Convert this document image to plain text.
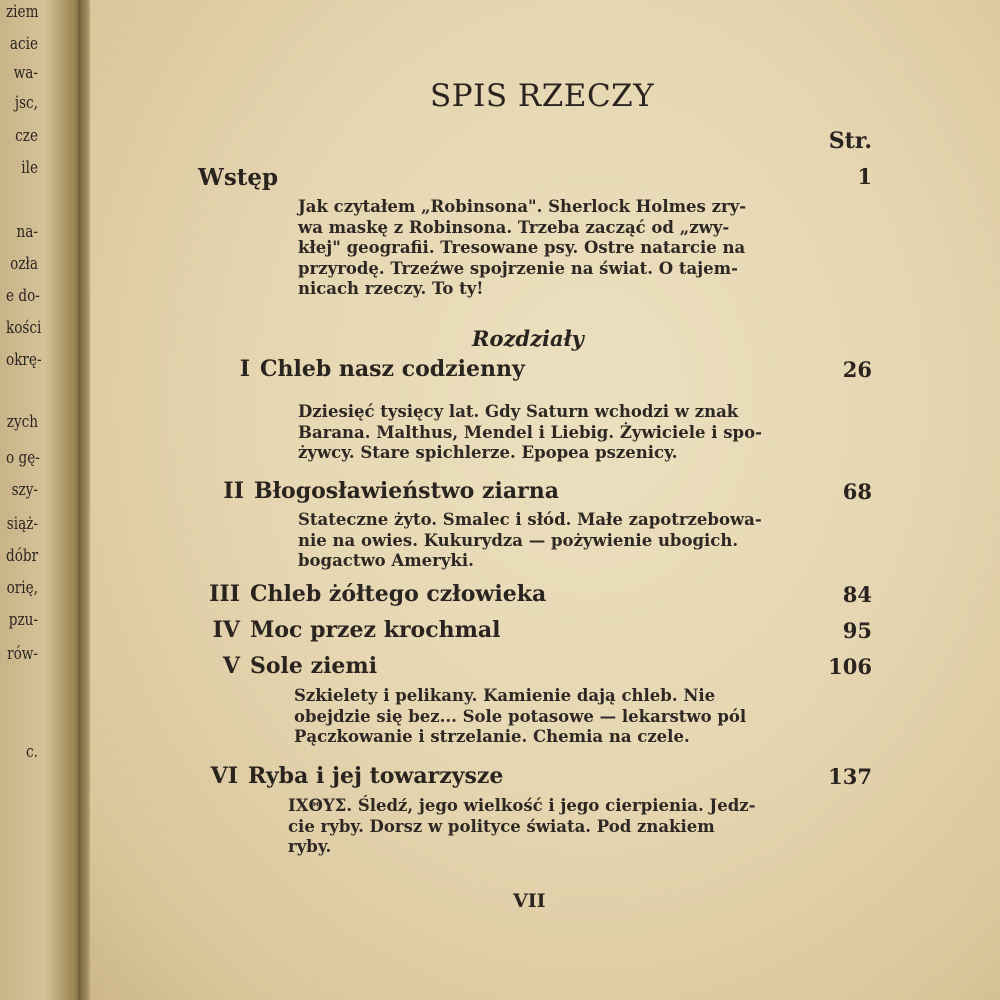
ziem
acie
wa-
jsc,
cze
ile
na-
ozła
e do-
kości
okrę-
zych
o gę-
szy-
siąż-
dóbr
orię,
pzu-
rów-
c.
SPIS RZECZY
Str.
Wstęp	1
Jak czytałem „Robinsona". Sherlock Holmes zry-
wa maskę z Robinsona. Trzeba zacząć od „zwy-
kłej" geografii. Tresowane psy. Ostre natarcie na
przyrodę. Trzeźwe spojrzenie na świat. O tajem-
nicach rzeczy. To ty!
Rozdziały
I Chleb nasz codzienny	26
Dziesięć tysięcy lat. Gdy Saturn wchodzi w znak
Barana. Malthus, Mendel i Liebig. Żywiciele i spo-
żywcy. Stare spichlerze. Epopea pszenicy.
II Błogosławieństwo ziarna	68
Stateczne żyto. Smalec i słód. Małe zapotrzebowa-
nie na owies. Kukurydza — pożywienie ubogich.
bogactwo Ameryki.
III Chleb żółtego człowieka	84
IV Moc przez krochmal	95
V Sole ziemi	106
Szkielety i pelikany. Kamienie dają chleb. Nie
obejdzie się bez... Sole potasowe — lekarstwo pól
Pączkowanie i strzelanie. Chemia na czele.
VI Ryba i jej towarzysze	137
ΙΧΘΥΣ. Śledź, jego wielkość i jego cierpienia. Jedz-
cie ryby. Dorsz w polityce świata. Pod znakiem
ryby.
VII
